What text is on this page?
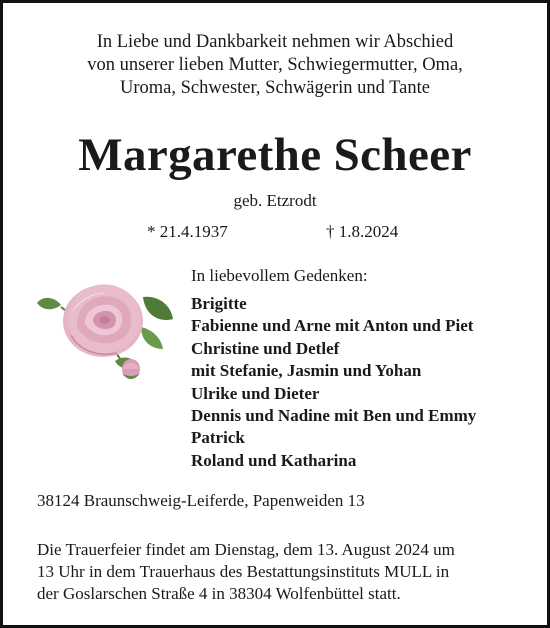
In Liebe und Dankbarkeit nehmen wir Abschied
von unserer lieben Mutter, Schwiegermutter, Oma,
Uroma, Schwester, Schwägerin und Tante
Margarethe Scheer
geb. Etzrodt
* 21.4.1937	† 1.8.2024
In liebevollem Gedenken:
Brigitte
Fabienne und Arne mit Anton und Piet
Christine und Detlef
mit Stefanie, Jasmin und Yohan
Ulrike und Dieter
Dennis und Nadine mit Ben und Emmy
Patrick
Roland und Katharina
38124 Braunschweig-Leiferde, Papenweiden 13
Die Trauerfeier findet am Dienstag, dem 13. August 2024 um
13 Uhr in dem Trauerhaus des Bestattungsinstituts MULL in
der Goslarschen Straße 4 in 38304 Wolfenbüttel statt.
